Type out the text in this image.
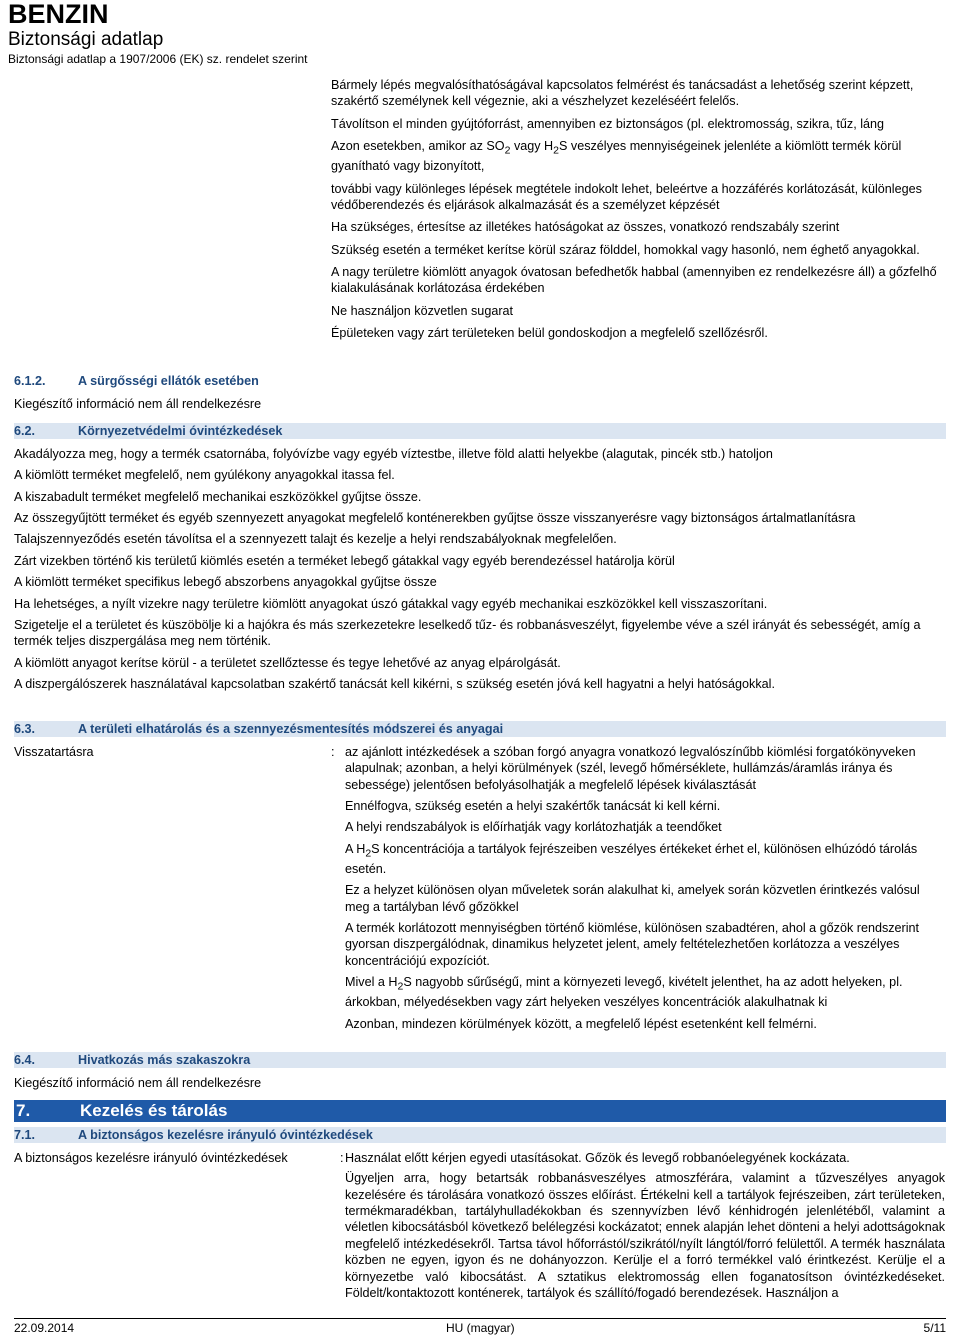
BENZIN
Biztonsági adatlap
Biztonsági adatlap a 1907/2006 (EK) sz. rendelet szerint

Bármely lépés megvalósíthatóságával kapcsolatos felmérést és tanácsadást a lehetőség szerint képzett, szakértő személynek kell végeznie, aki a vészhelyzet kezeléséért felelős.

Távolítson el minden gyújtóforrást, amennyiben ez biztonságos (pl. elektromosság, szikra, tűz, láng

Azon esetekben, amikor az $SO_2$ vagy $H_2S$ veszélyes mennyiségeinek jelenléte a kiömlött termék körül gyanítható vagy bizonyított,

további vagy különleges lépések megtétele indokolt lehet, beleértve a hozzáférés korlátozását, különleges védőberendezés és eljárások alkalmazását és a személyzet képzését

Ha szükséges, értesítse az illetékes hatóságokat az összes, vonatkozó rendszabály szerint

Szükség esetén a terméket kerítse körül száraz földdel, homokkal vagy hasonló, nem éghető anyagokkal.

A nagy területre kiömlött anyagok óvatosan befedhetők habbal (amennyiben ez rendelkezésre áll) a gőzfelhő kialakulásának korlátozása érdekében

Ne használjon közvetlen sugarat

Épületeken vagy zárt területeken belül gondoskodjon a megfelelő szellőzésről.

6.1.2.	A sürgősségi ellátók esetében
Kiegészítő információ nem áll rendelkezésre
6.2.	Környezetvédelmi óvintézkedések

Akadályozza meg, hogy a termék csatornába, folyóvízbe vagy egyéb víztestbe, illetve föld alatti helyekbe (alagutak, pincék stb.) hatoljon

A kiömlött terméket megfelelő, nem gyúlékony anyagokkal itassa fel.

A kiszabadult terméket megfelelő mechanikai eszközökkel gyűjtse össze.

Az összegyűjtött terméket és egyéb szennyezett anyagokat megfelelő konténerekben gyűjtse össze visszanyerésre vagy biztonságos ártalmatlanításra

Talajszennyeződés esetén távolítsa el a szennyezett talajt és kezelje a helyi rendszabályoknak megfelelően.

Zárt vizekben történő kis területű kiömlés esetén a terméket lebegő gátakkal vagy egyéb berendezéssel határolja körül

A kiömlött terméket specifikus lebegő abszorbens anyagokkal gyűjtse össze

Ha lehetséges, a nyílt vizekre nagy területre kiömlött anyagokat úszó gátakkal vagy egyéb mechanikai eszközökkel kell visszaszorítani.

Szigetelje el a területet és küszöbölje ki a hajókra és más szerkezetekre leselkedő tűz- és robbanásveszélyt, figyelembe véve a szél irányát és sebességét, amíg a termék teljes diszpergálása meg nem történik.

A kiömlött anyagot kerítse körül - a területet szellőztesse és tegye lehetővé az anyag elpárolgását.

A diszpergálószerek használatával kapcsolatban szakértő tanácsát kell kikérni, s szükség esetén jóvá kell hagyatni a helyi hatóságokkal.

6.3.	A területi elhatárolás és a szennyezésmentesítés módszerei és anyagai
Visszatartásra	: az ajánlott intézkedések a szóban forgó anyagra vonatkozó legvalószínűbb kiömlési forgatókönyveken alapulnak; azonban, a helyi körülmények (szél, levegő hőmérséklete, hullámzás/áramlás iránya és sebessége) jelentősen befolyásolhatják a megfelelő lépések kiválasztását

Ennélfogva, szükség esetén a helyi szakértők tanácsát ki kell kérni.

A helyi rendszabályok is előírhatják vagy korlátozhatják a teendőket

A $H_2S$ koncentrációja a tartályok fejrészeiben veszélyes értékeket érhet el, különösen elhúzódó tárolás esetén.

Ez a helyzet különösen olyan műveletek során alakulhat ki, amelyek során közvetlen érintkezés valósul meg a tartályban lévő gőzökkel

A termék korlátozott mennyiségben történő kiömlése, különösen szabadtéren, ahol a gőzök rendszerint gyorsan diszpergálódnak, dinamikus helyzetet jelent, amely feltételezhetően korlátozza a veszélyes koncentrációjú expozíciót.

Mivel a $H_2S$ nagyobb sűrűségű, mint a környezeti levegő, kivételt jelenthet, ha az adott helyeken, pl. árkokban, mélyedésekben vagy zárt helyeken veszélyes koncentrációk alakulhatnak ki

Azonban, mindezen körülmények között, a megfelelő lépést esetenként kell felmérni.

6.4.	Hivatkozás más szakaszokra
Kiegészítő információ nem áll rendelkezésre
7.	Kezelés és tárolás
7.1.	A biztonságos kezelésre irányuló óvintézkedések
A biztonságos kezelésre irányuló óvintézkedések	: Használat előtt kérjen egyedi utasításokat. Gőzök és levegő robbanóelegyének kockázata.

Ügyeljen arra, hogy betartsák robbanásveszélyes atmoszférára, valamint a tűzveszélyes anyagok kezelésére és tárolására vonatkozó összes előírást. Értékelni kell a tartályok fejrészeiben, zárt területeken, termékmaradékban, tartályhulladékokban és szennyvízben lévő kénhidrogén jelenlétéből, valamint a véletlen kibocsátásból következő belélegzési kockázatot; ennek alapján lehet dönteni a helyi adottságoknak megfelelő intézkedésekről. Tartsa távol hőforrástól/szikrától/nyílt lángtól/forró felülettől. A termék használata közben ne egyen, igyon és ne dohányozzon. Kerülje el a forró termékkel való érintkezést. Kerülje el a környezetbe való kibocsátást. A sztatikus elektromosság ellen foganatosítson óvintézkedéseket. Földelt/kontaktozott konténerek, tartályok és szállító/fogadó berendezések. Használjon a

22.09.2014	HU (magyar)	5/11
